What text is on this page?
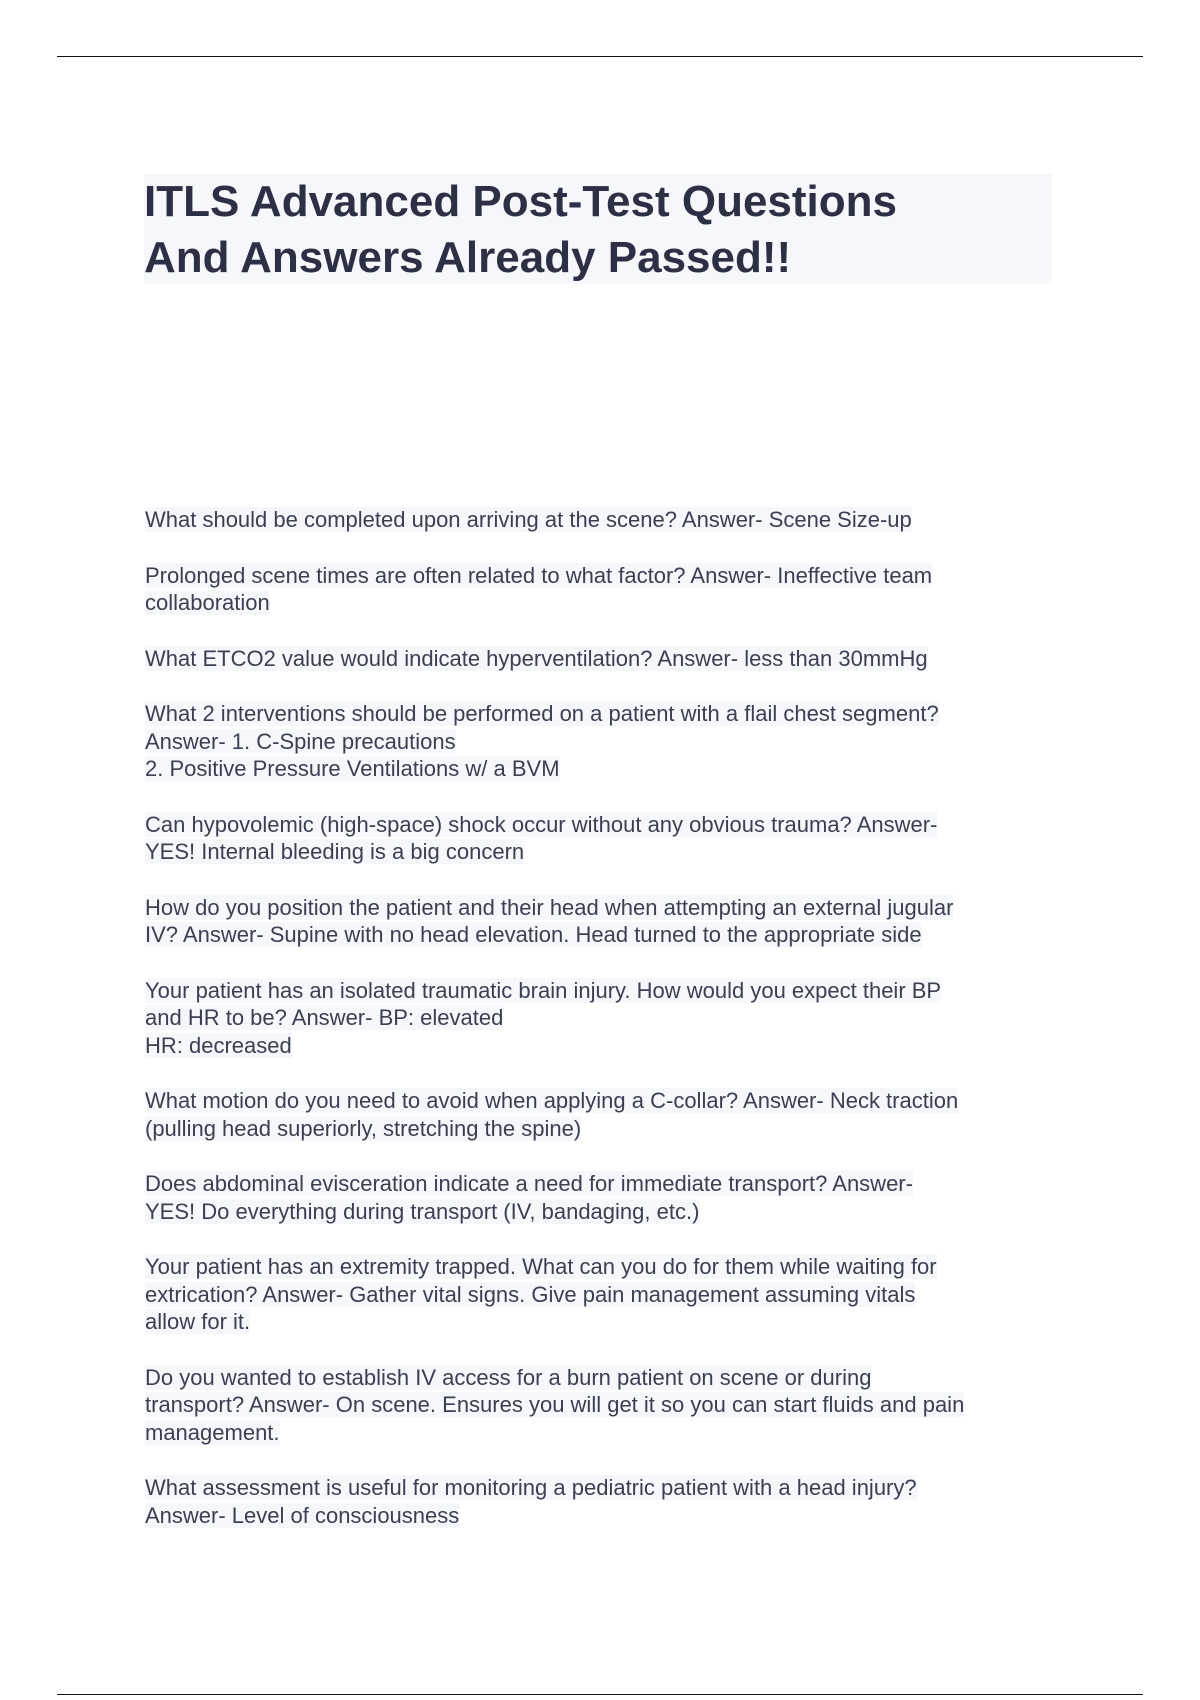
ITLS Advanced Post-Test Questions
And Answers Already Passed!!
What should be completed upon arriving at the scene? Answer- Scene Size-up
Prolonged scene times are often related to what factor? Answer- Ineffective team
collaboration
What ETCO2 value would indicate hyperventilation? Answer- less than 30mmHg
What 2 interventions should be performed on a patient with a flail chest segment?
Answer- 1. C-Spine precautions
2. Positive Pressure Ventilations w/ a BVM
Can hypovolemic (high-space) shock occur without any obvious trauma? Answer-
YES! Internal bleeding is a big concern
How do you position the patient and their head when attempting an external jugular
IV? Answer- Supine with no head elevation. Head turned to the appropriate side
Your patient has an isolated traumatic brain injury. How would you expect their BP
and HR to be? Answer- BP: elevated
HR: decreased
What motion do you need to avoid when applying a C-collar? Answer- Neck traction
(pulling head superiorly, stretching the spine)
Does abdominal evisceration indicate a need for immediate transport? Answer-
YES! Do everything during transport (IV, bandaging, etc.)
Your patient has an extremity trapped. What can you do for them while waiting for
extrication? Answer- Gather vital signs. Give pain management assuming vitals
allow for it.
Do you wanted to establish IV access for a burn patient on scene or during
transport? Answer- On scene. Ensures you will get it so you can start fluids and pain
management.
What assessment is useful for monitoring a pediatric patient with a head injury?
Answer- Level of consciousness
